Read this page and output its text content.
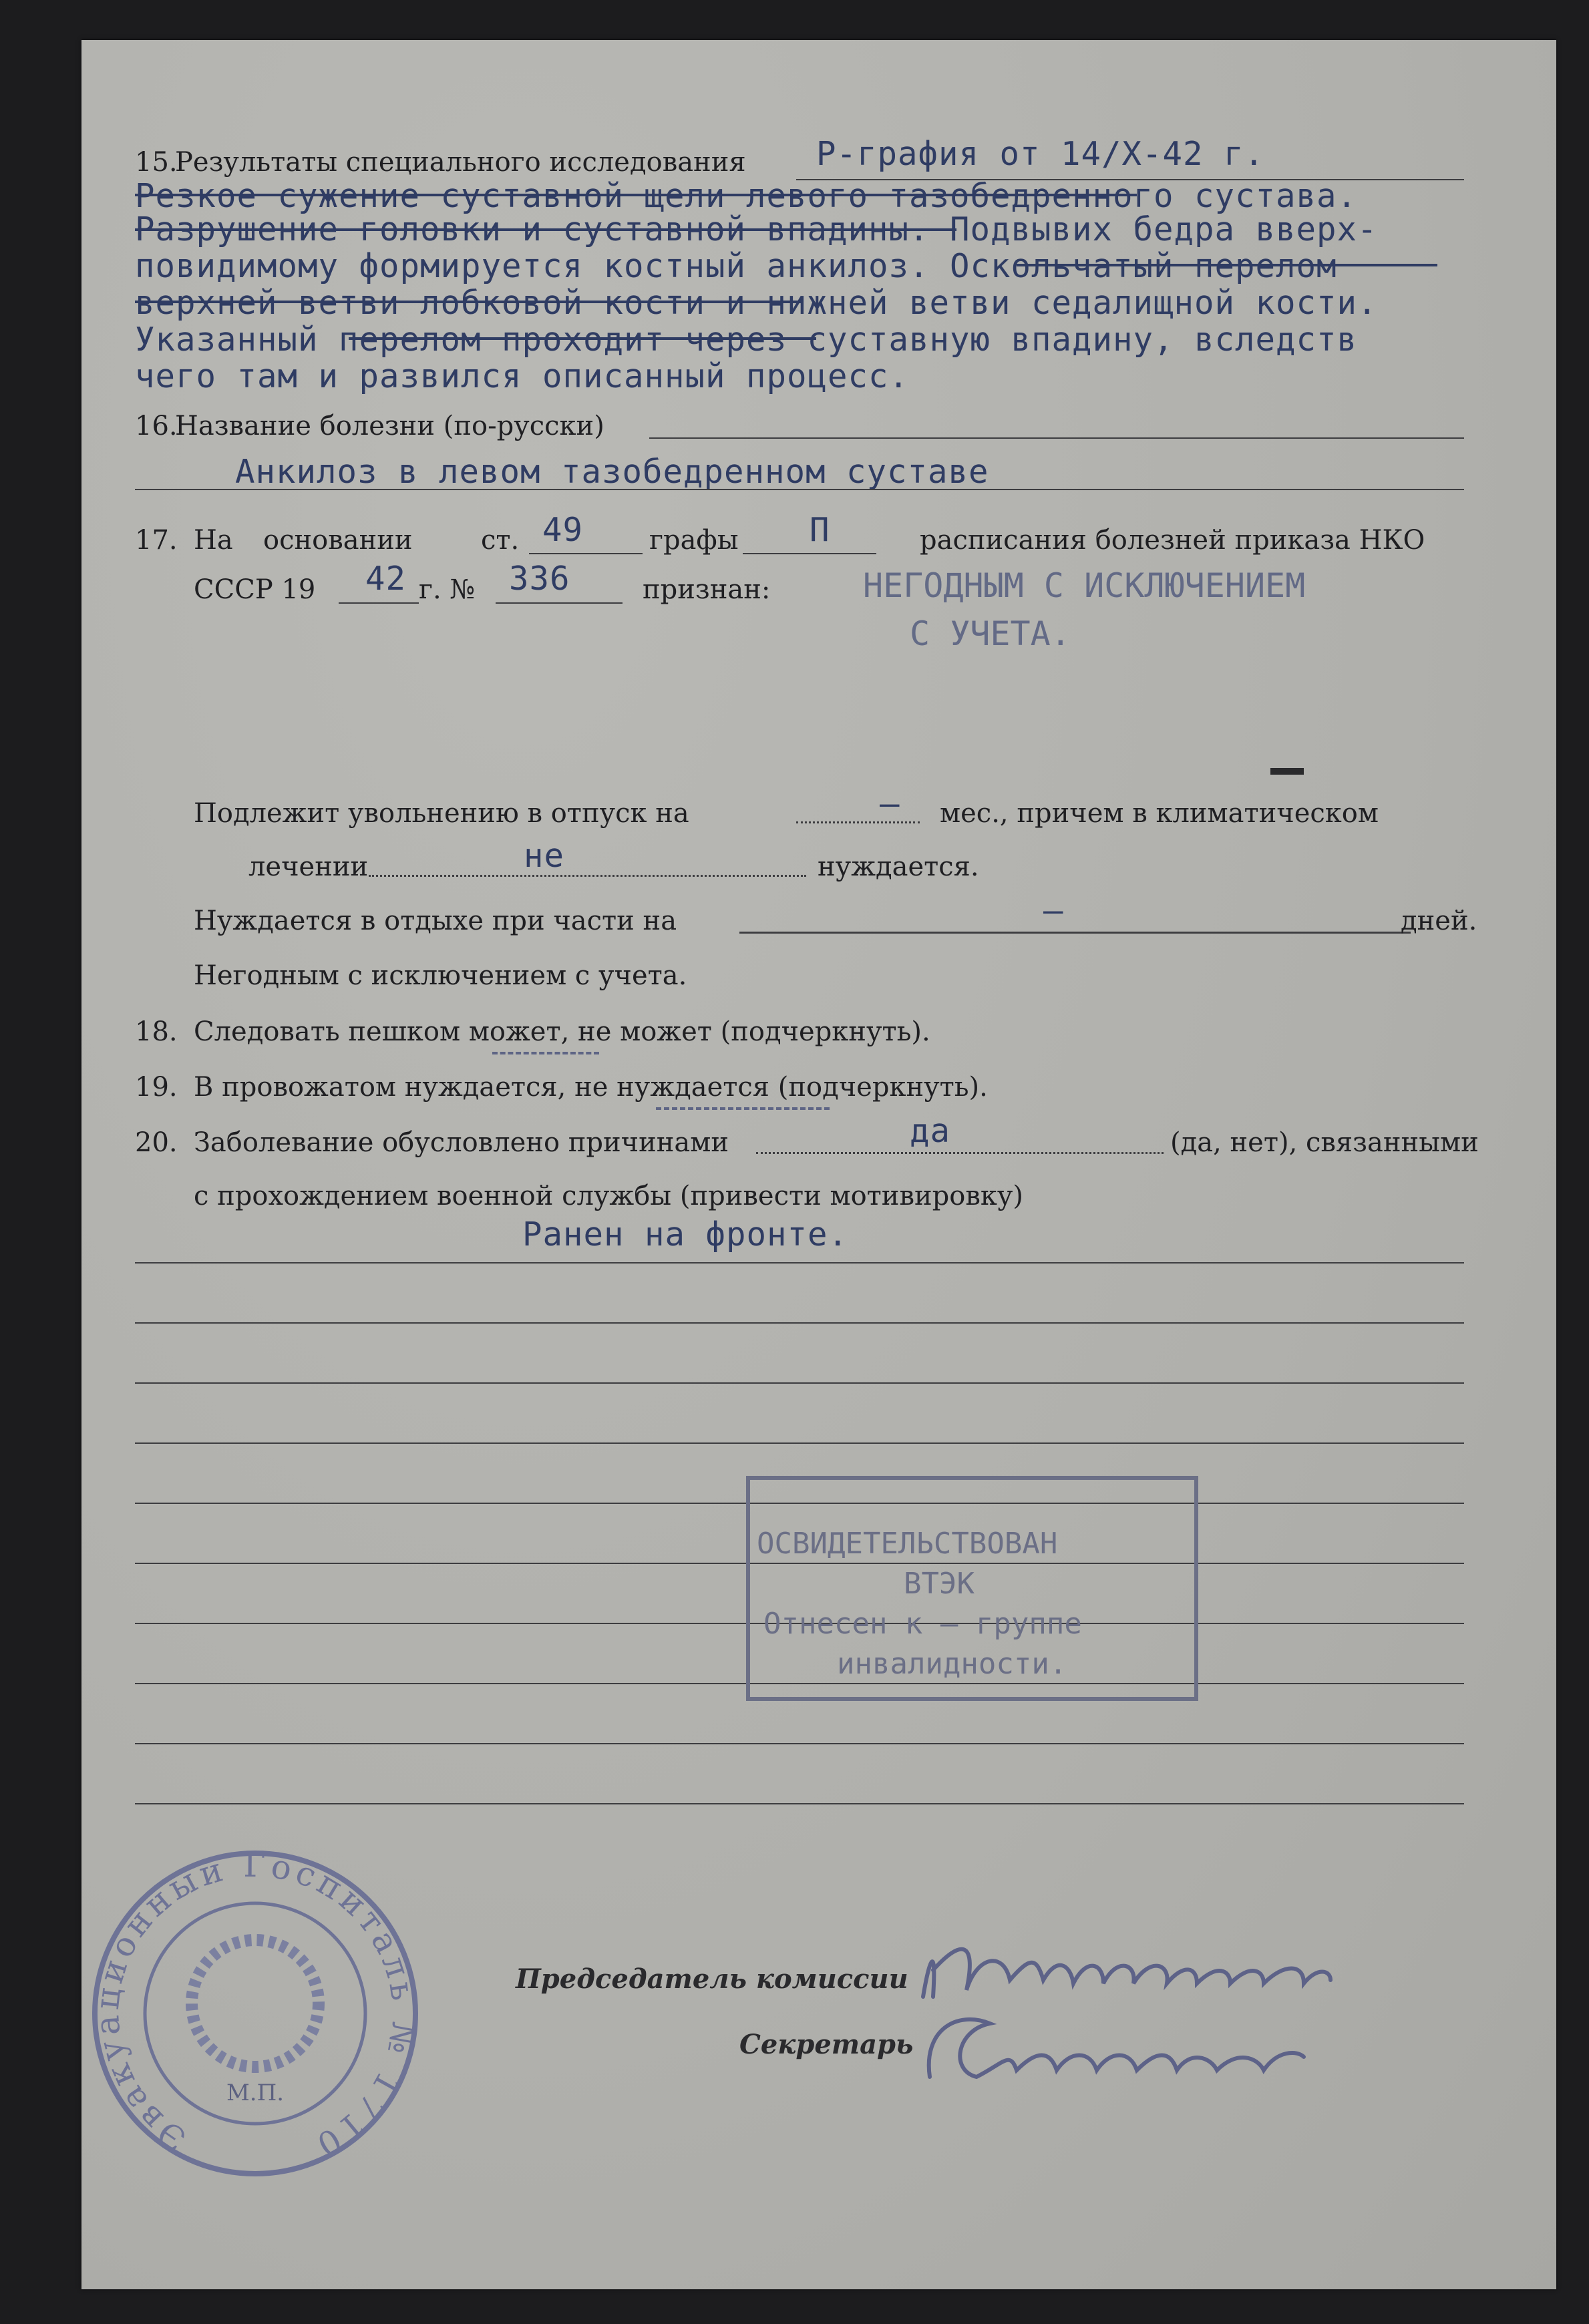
15.
Результаты специального исследования Р-графия от 14/X-42 г.
Резкое сужение суставной щели левого тазобедренного сустава.
Разрушение головки и суставной впадины. Подвывих бедра вверх-
повидимому формируется костный анкилоз. Оскольчатый перелом
верхней ветви лобковой кости и нижней ветви седалищной кости.
Указанный перелом проходит через суставную впадину, вследств
чего там и развился описанный процесс.
16.
Название болезни (по-русски)
Анкилоз в левом тазобедренном суставе
17. На основании	ст. 49 графы П	расписания болезней приказа НКО
СССР 19 42 г. № 336	признан:	НЕГОДНЫМ С ИСКЛЮЧЕНИЕМ
С УЧЕТА.
Подлежит увольнению в отпуск на	– мес., причем в климатическом
лечении	не	нуждается.
Нуждается в отдыхе при части на	–	дней.
Негодным с исключением с учета.
18. Следовать пешком может, не может (подчеркнуть).
19. В провожатом нуждается, не нуждается (подчеркнуть).
20. Заболевание обусловлено причинами	да	(да, нет), связанными
с прохождением военной службы (привести мотивировку)
Ранен на фронте.
ОСВИДЕТЕЛЬСТВОВАН
ВТЭК
Отнесен к — группе
инвалидности.
Эвакуационный Госпиталь № 1710
М.П.
Председатель комиссии
Секретарь
